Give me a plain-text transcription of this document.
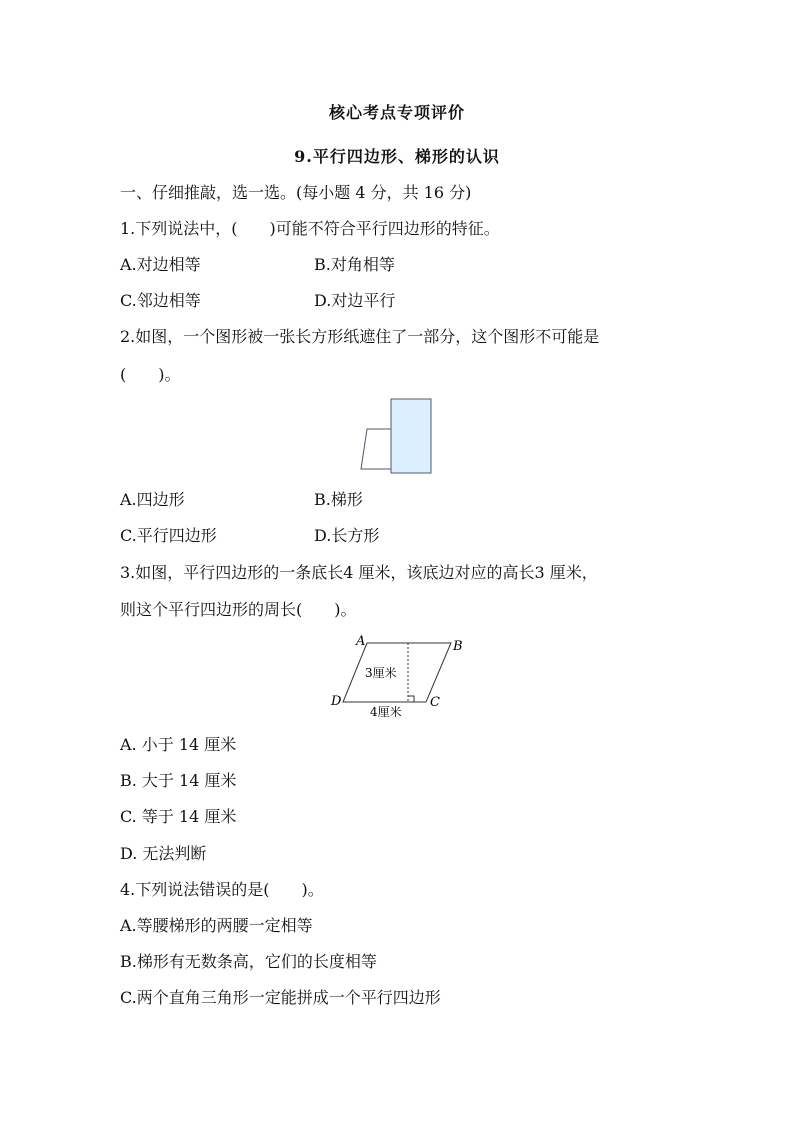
核心考点专项评价
9.平行四边形、梯形的认识
一、仔细推敲，选一选。(每小题 4 分，共 16 分)
1.下列说法中，(　　)可能不符合平行四边形的特征。
A.对边相等	B.对角相等
C.邻边相等	D.对边平行
2.如图，一个图形被一张长方形纸遮住了一部分，这个图形不可能是
(　　)。
A.四边形	B.梯形
C.平行四边形	D.长方形
3.如图，平行四边形的一条底长4 厘米，该底边对应的高长3 厘米，
则这个平行四边形的周长(　　)。
A	B
C
D
3厘米
4厘米
A. 小于 14 厘米
B. 大于 14 厘米
C. 等于 14 厘米
D. 无法判断
4.下列说法错误的是(　　)。
A.等腰梯形的两腰一定相等
B.梯形有无数条高，它们的长度相等
C.两个直角三角形一定能拼成一个平行四边形
